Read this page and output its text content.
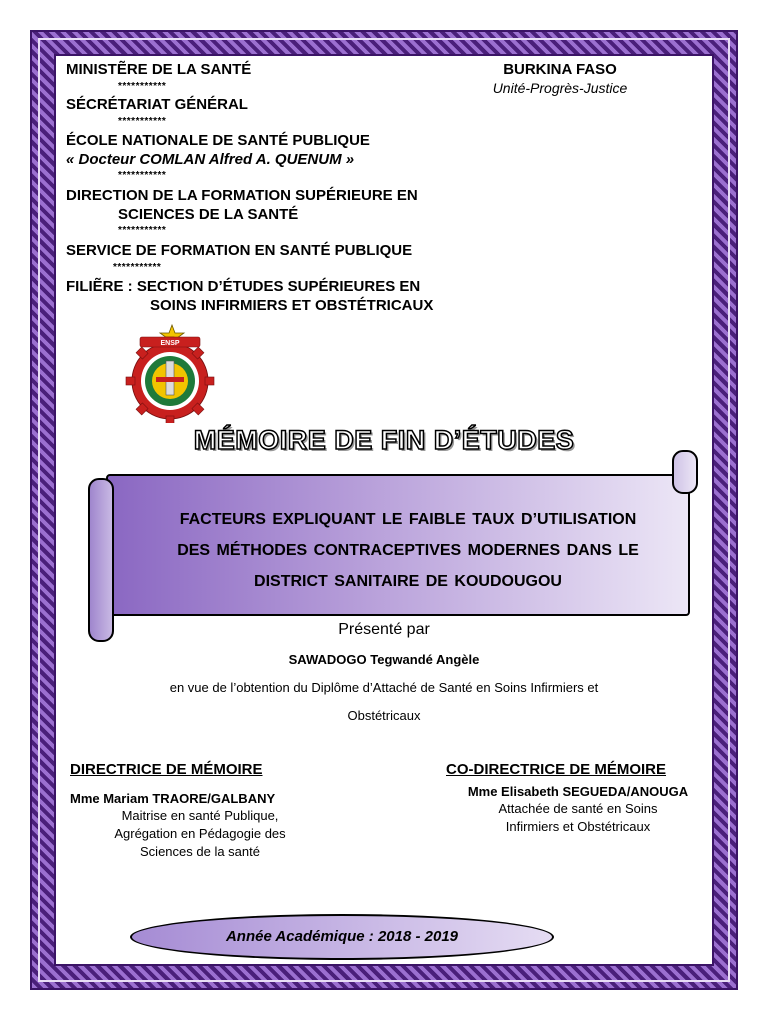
MINISTẼRE DE LA SANTÉ
***********
SÉCRÉTARIAT GÉNÉRAL
***********
ÉCOLE NATIONALE DE SANTÉ PUBLIQUE
« Docteur COMLAN Alfred A. QUENUM »
***********
DIRECTION DE LA FORMATION SUPÉRIEURE EN
SCIENCES DE LA SANTÉ
***********
SERVICE DE FORMATION EN SANTÉ PUBLIQUE
***********
FILIẼRE : SECTION D’ÉTUDES SUPÉRIEURES EN
SOINS INFIRMIERS ET OBSTÉTRICAUX
BURKINA FASO
Unité-Progrès-Justice
ENSP
MÉMOIRE DE FIN D’ÉTUDES
FACTEURS EXPLIQUANT LE FAIBLE TAUX D’UTILISATION
DES MÉTHODES CONTRACEPTIVES MODERNES DANS LE
DISTRICT SANITAIRE DE KOUDOUGOU
Présenté par
SAWADOGO Tegwandé Angèle
en vue de l’obtention du Diplôme d’Attaché de Santé en Soins Infirmiers et
Obstétricaux
DIRECTRICE DE MÉMOIRE
Mme Mariam TRAORE/GALBANY
Maitrise en santé Publique,
Agrégation en Pédagogie des
Sciences de la santé
CO-DIRECTRICE DE MÉMOIRE
Mme Elisabeth SEGUEDA/ANOUGA
Attachée de santé en Soins
Infirmiers et Obstétricaux
Année Académique : 2018 - 2019
